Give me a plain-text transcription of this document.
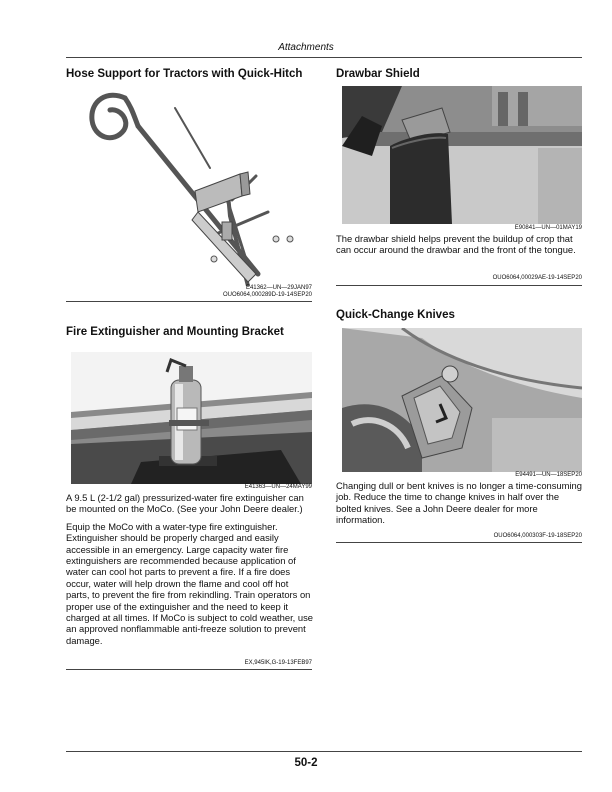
Attachments
Hose Support for Tractors with Quick-Hitch
E41362—UN—29JAN97
OUO6064,000289D-19-14SEP20
Fire Extinguisher and Mounting Bracket
E41363—UN—24MAY99

A 9.5 L (2-1/2 gal) pressurized-water fire extinguisher can be mounted on the MoCo. (See your John Deere dealer.)

Equip the MoCo with a water-type fire extinguisher. Extinguisher should be properly charged and easily accessible in an emergency. Large capacity water fire extinguishers are recommended because application of water can cool hot parts to prevent a fire. If a fire does occur, water will help drown the flame and cool off hot parts, to prevent the fire from rekindling. Train operators on proper use of the extinguisher and the need to keep it charged at all times. If MoCo is subject to cold weather, use an approved nonflammable anti-freeze solution to prevent damage.

EX,945IK,G-19-13FEB97
Drawbar Shield
E90841—UN—01MAY19
The drawbar shield helps prevent the buildup of crop that can occur around the drawbar and the front of the tongue.
OUO6064,00029AE-19-14SEP20
Quick-Change Knives
E94491—UN—18SEP20
Changing dull or bent knives is no longer a time-consuming job. Reduce the time to change knives in half over the bolted knives. See a John Deere dealer for more information.
OUO6064,000303F-19-18SEP20
50-2
